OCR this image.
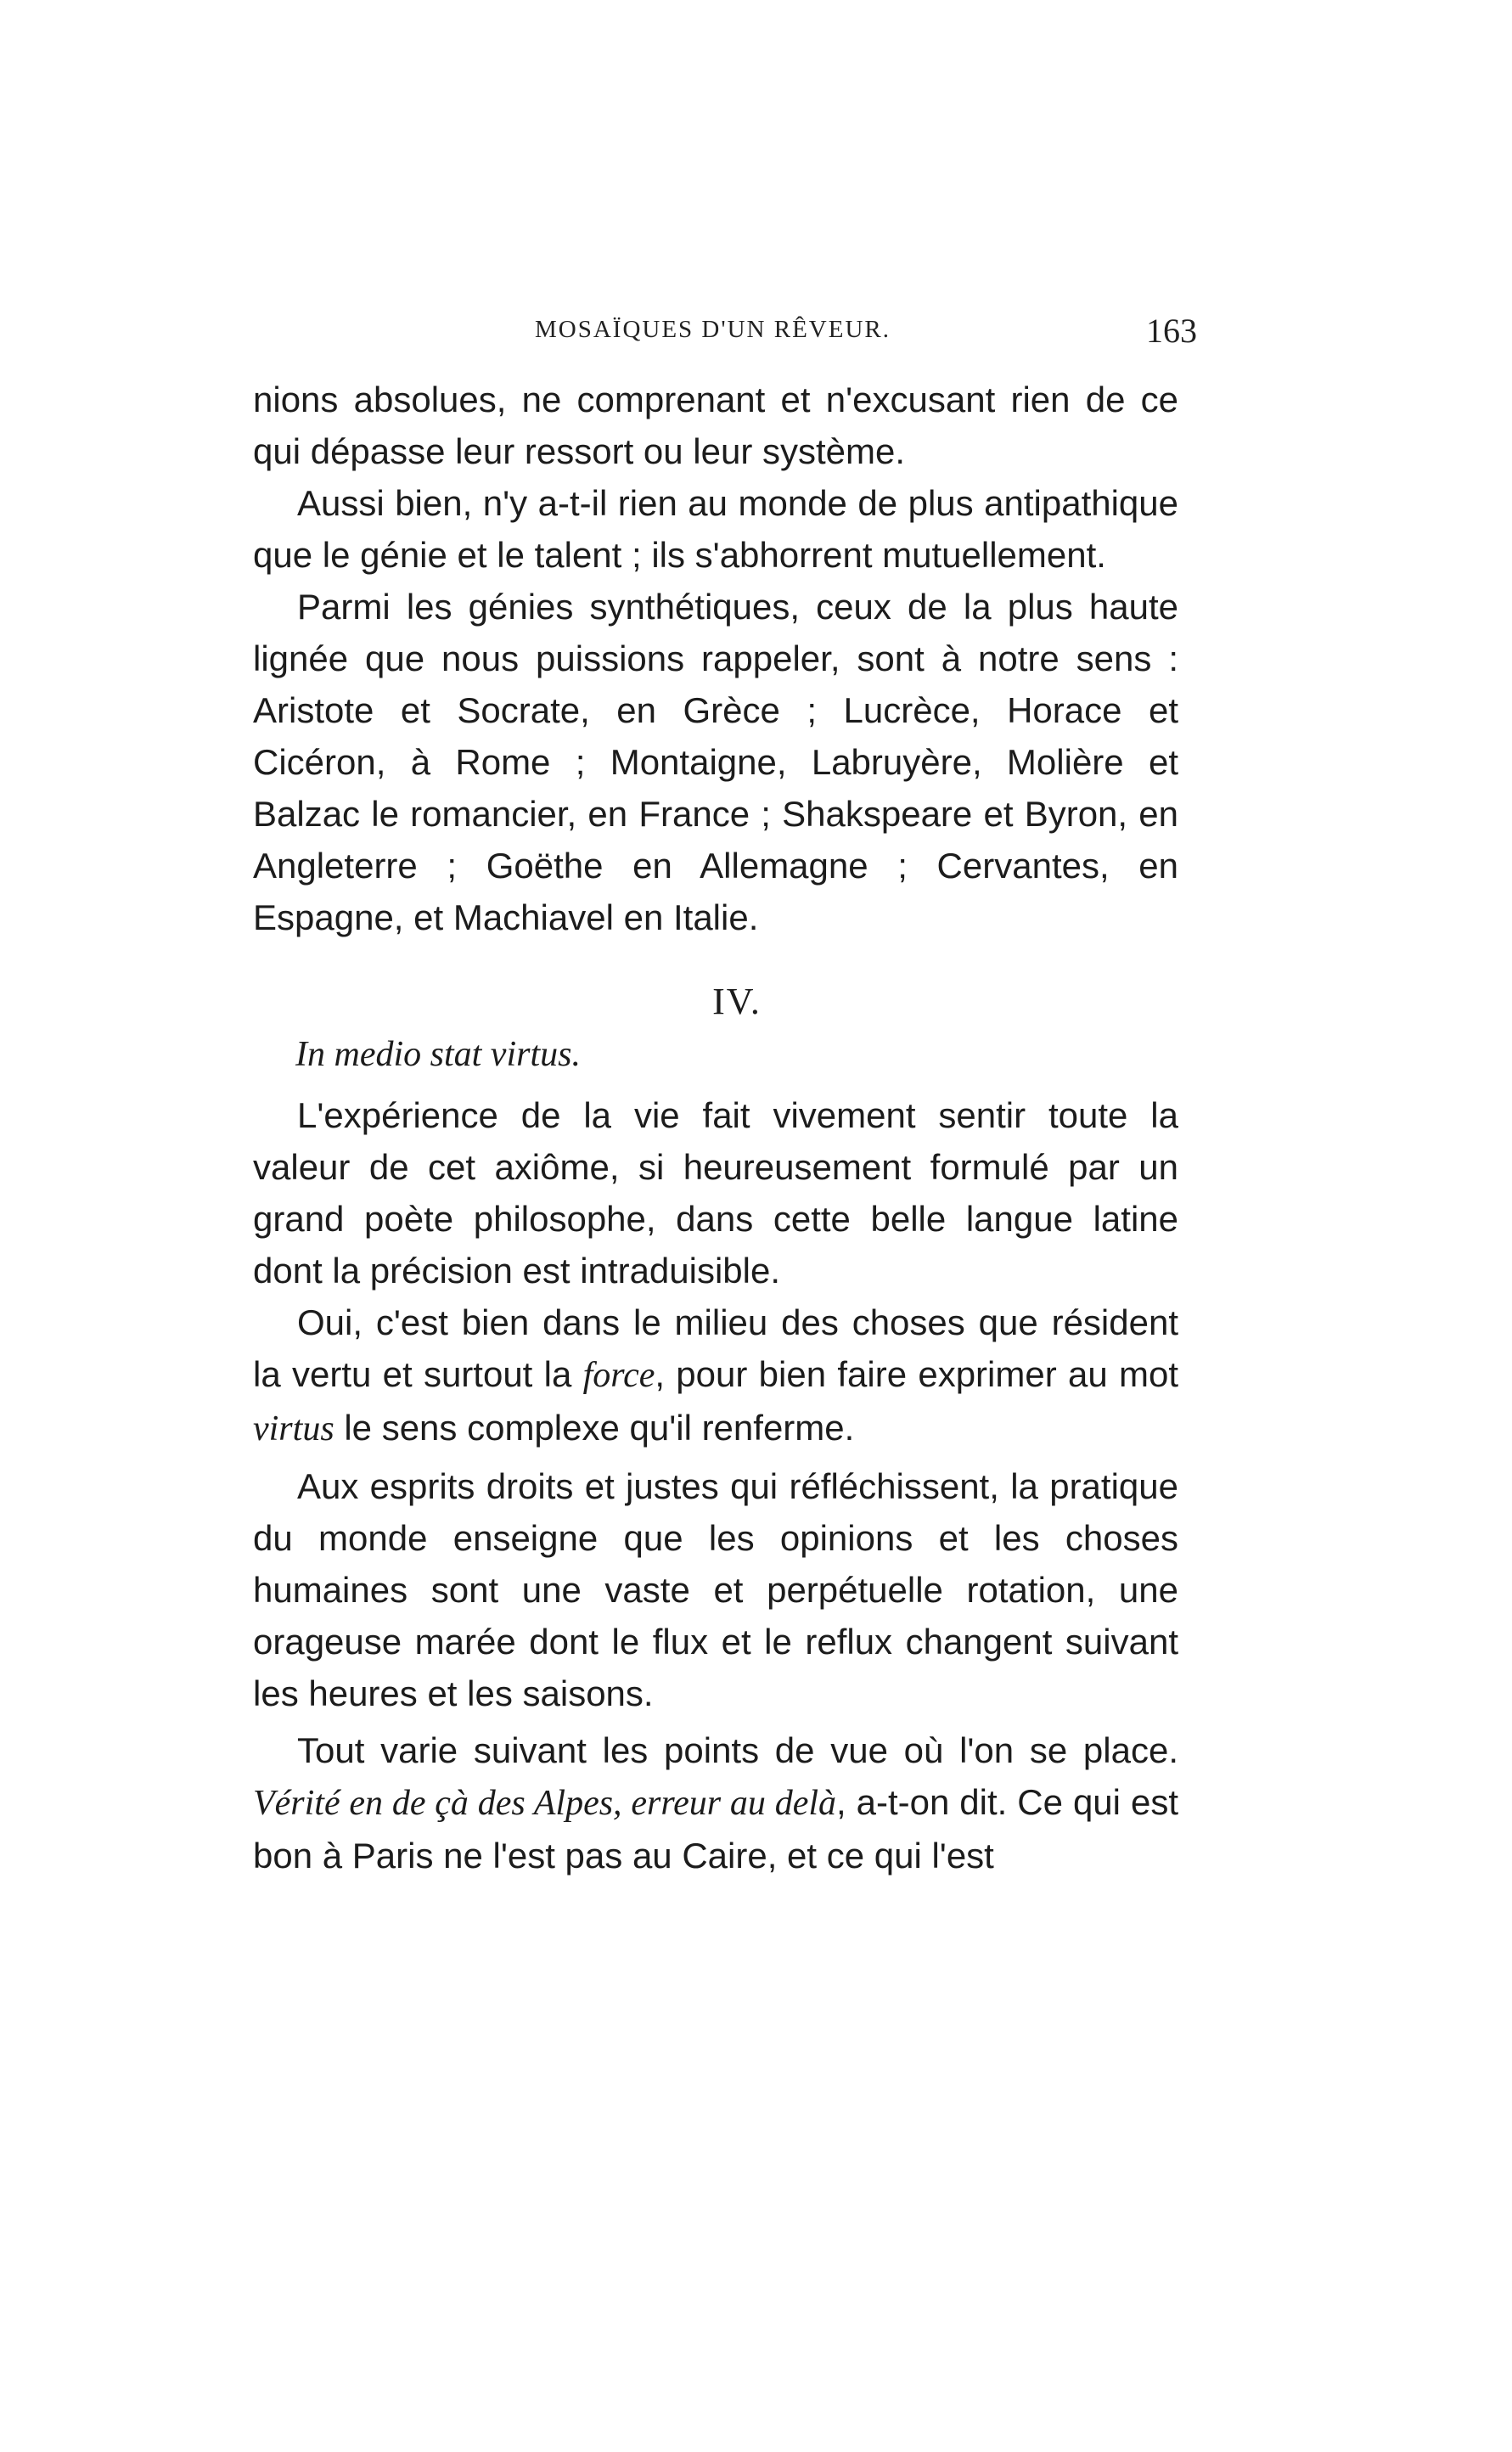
MOSAÏQUES D'UN RÊVEUR.	163

nions absolues, ne comprenant et n'excusant rien de ce qui dépasse leur ressort ou leur système.

Aussi bien, n'y a-t-il rien au monde de plus antipathique que le génie et le talent ; ils s'abhorrent mutuellement.

Parmi les génies synthétiques, ceux de la plus haute lignée que nous puissions rappeler, sont à notre sens : Aristote et Socrate, en Grèce ; Lucrèce, Horace et Cicéron, à Rome ; Montaigne, Labruyère, Molière et Balzac le romancier, en France ; Shakspeare et Byron, en Angleterre ; Goëthe en Allemagne ; Cervantes, en Espagne, et Machiavel en Italie.

IV.

In medio stat virtus.

L'expérience de la vie fait vivement sentir toute la valeur de cet axiôme, si heureusement formulé par un grand poète philosophe, dans cette belle langue latine dont la précision est intraduisible.

Oui, c'est bien dans le milieu des choses que résident la vertu et surtout la force, pour bien faire exprimer au mot virtus le sens complexe qu'il renferme.

Aux esprits droits et justes qui réfléchissent, la pratique du monde enseigne que les opinions et les choses humaines sont une vaste et perpétuelle rotation, une orageuse marée dont le flux et le reflux changent suivant les heures et les saisons.

Tout varie suivant les points de vue où l'on se place. Vérité en de çà des Alpes, erreur au delà, a-t-on dit. Ce qui est bon à Paris ne l'est pas au Caire, et ce qui l'est
